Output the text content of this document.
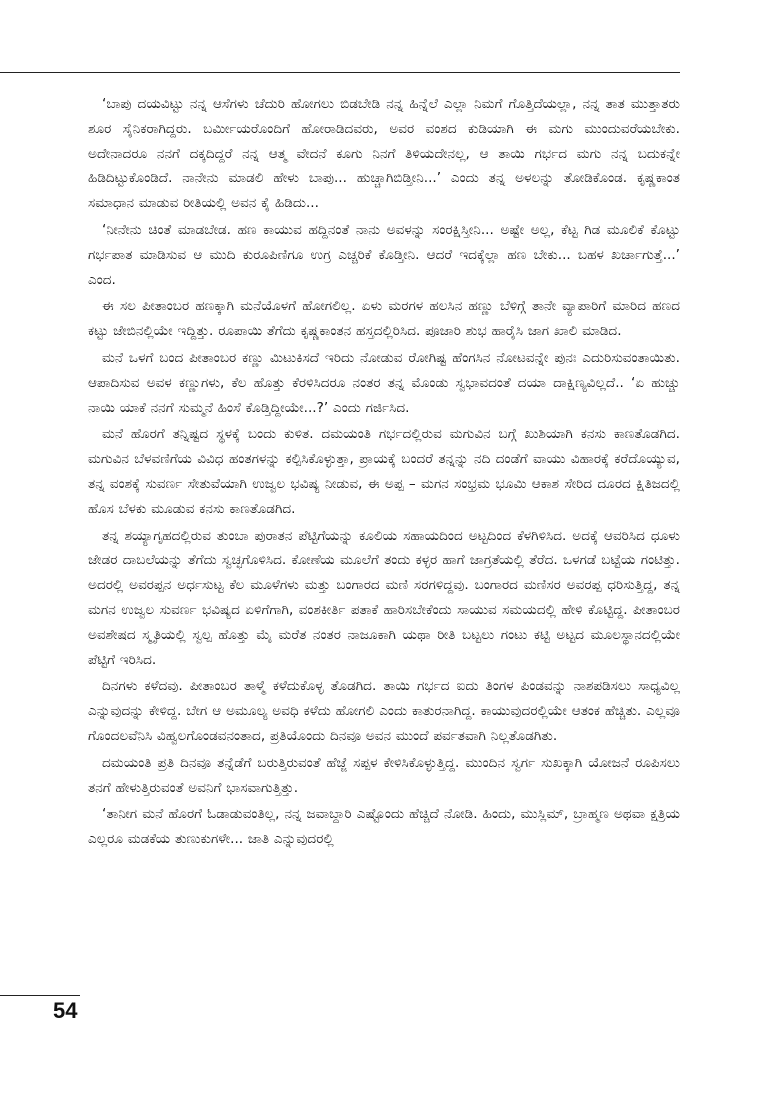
‘ಬಾಪು ದಯವಿಟ್ಟು ನನ್ನ ಆಸೆಗಳು ಚೆದುರಿ ಹೋಗಲು ಬಿಡಬೇಡಿ ನನ್ನ ಹಿನ್ನೆಲೆ ಎಲ್ಲಾ ನಿಮಗೆ ಗೊತ್ತಿದೆಯಲ್ಲಾ, ನನ್ನ ತಾತ ಮುತ್ತಾತರು ಶೂರ ಸೈನಿಕರಾಗಿದ್ದರು. ಬರ್ಮೀಯರೊಂದಿಗೆ ಹೋರಾಡಿದವರು, ಅವರ ವಂಶದ ಕುಡಿಯಾಗಿ ಈ ಮಗು ಮುಂದುವರೆಯಬೇಕು. ಅದೇನಾದರೂ ನನಗೆ ದಕ್ಕದಿದ್ದರೆ ನನ್ನ ಆತ್ಮ ವೇದನೆ ಕೂಗು ನಿನಗೆ ತಿಳಿಯದೇನಲ್ಲ, ಆ ತಾಯಿ ಗರ್ಭದ ಮಗು ನನ್ನ ಬದುಕನ್ನೇ ಹಿಡಿದಿಟ್ಟುಕೊಂಡಿದೆ. ನಾನೇನು ಮಾಡಲಿ ಹೇಳು ಬಾಪು... ಹುಚ್ಚಾಗಿಬಿಡ್ತೀನಿ...’ ಎಂದು ತನ್ನ ಅಳಲನ್ನು ತೋಡಿಕೊಂಡ. ಕೃಷ್ಣಕಾಂತ ಸಮಾಧಾನ ಮಾಡುವ ರೀತಿಯಲ್ಲಿ ಅವನ ಕೈ ಹಿಡಿದು...

‘ನೀನೇನು ಚಿಂತೆ ಮಾಡಬೇಡ. ಹಣ ಕಾಯುವ ಹದ್ದಿನಂತೆ ನಾನು ಅವಳನ್ನು ಸಂರಕ್ಷಿಸ್ತೀನಿ... ಅಷ್ಟೇ ಅಲ್ಲ, ಕೆಟ್ಟ ಗಿಡ ಮೂಲಿಕೆ ಕೊಟ್ಟು ಗರ್ಭಪಾತ ಮಾಡಿಸುವ ಆ ಮುದಿ ಕುರೂಪಿಣಿಗೂ ಉಗ್ರ ಎಚ್ಚರಿಕೆ ಕೊಡ್ತೀನಿ. ಆದರೆ ಇದಕ್ಕೆಲ್ಲಾ ಹಣ ಬೇಕು... ಬಹಳ ಖರ್ಚಾಗುತ್ತೆ...’ ಎಂದ.

ಈ ಸಲ ಪೀತಾಂಬರ ಹಣಕ್ಕಾಗಿ ಮನೆಯೊಳಗೆ ಹೋಗಲಿಲ್ಲ. ಏಳು ಮರಗಳ ಹಲಸಿನ ಹಣ್ಣು ಬೆಳಿಗ್ಗೆ ತಾನೇ ವ್ಯಾಪಾರಿಗೆ ಮಾರಿದ ಹಣದ ಕಟ್ಟು ಜೇಬಿನಲ್ಲಿಯೇ ಇದ್ದಿತ್ತು. ರೂಪಾಯಿ ತೆಗೆದು ಕೃಷ್ಣಕಾಂತನ ಹಸ್ತದಲ್ಲಿರಿಸಿದ. ಪೂಜಾರಿ ಶುಭ ಹಾರೈಸಿ ಜಾಗ ಖಾಲಿ ಮಾಡಿದ.

ಮನೆ ಒಳಗೆ ಬಂದ ಪೀತಾಂಬರ ಕಣ್ಣು ಮಿಟುಕಿಸದೆ ಇರಿದು ನೋಡುವ ರೋಗಿಷ್ಟ ಹೆಂಗಸಿನ ನೋಟವನ್ನೇ ಪುನಃ ಎದುರಿಸುವಂತಾಯಿತು. ಆಪಾದಿಸುವ ಅವಳ ಕಣ್ಣುಗಳು, ಕೆಲ ಹೊತ್ತು ಕೆರಳಿಸಿದರೂ ನಂತರ ತನ್ನ ಮೊಂಡು ಸ್ವಭಾವದಂತೆ ದಯಾ ದಾಕ್ಷಿಣ್ಯವಿಲ್ಲದೆ.. ‘ಏ ಹುಚ್ಚು ನಾಯಿ ಯಾಕೆ ನನಗೆ ಸುಮ್ಮನೆ ಹಿಂಸೆ ಕೊಡ್ತಿದ್ದೀಯೇ...?’ ಎಂದು ಗರ್ಜಿಸಿದ.

ಮನೆ ಹೊರಗೆ ತನ್ನಿಷ್ಟದ ಸ್ಥಳಕ್ಕೆ ಬಂದು ಕುಳಿತ. ದಮಯಂತಿ ಗರ್ಭದಲ್ಲಿರುವ ಮಗುವಿನ ಬಗ್ಗೆ ಖುಶಿಯಾಗಿ ಕನಸು ಕಾಣತೊಡಗಿದ. ಮಗುವಿನ ಬೆಳವಣಿಗೆಯ ವಿವಿಧ ಹಂತಗಳನ್ನು ಕಲ್ಪಿಸಿಕೊಳ್ಳುತ್ತಾ, ಪ್ರಾಯಕ್ಕೆ ಬಂದರೆ ತನ್ನನ್ನು ನದಿ ದಂಡೆಗೆ ವಾಯು ವಿಹಾರಕ್ಕೆ ಕರೆದೊಯ್ಯುವ, ತನ್ನ ವಂಶಕ್ಕೆ ಸುವರ್ಣ ಸೇತುವೆಯಾಗಿ ಉಜ್ವಲ ಭವಿಷ್ಯ ನೀಡುವ, ಈ ಅಪ್ಪ – ಮಗನ ಸಂಭ್ರಮ ಭೂಮಿ ಆಕಾಶ ಸೇರಿದ ದೂರದ ಕ್ಷಿತಿಜದಲ್ಲಿ ಹೊಸ ಬೆಳಕು ಮೂಡುವ ಕನಸು ಕಾಣತೊಡಗಿದ.

ತನ್ನ ಶಯ್ಯಾಗೃಹದಲ್ಲಿರುವ ತುಂಬಾ ಪುರಾತನ ಪೆಟ್ಟಿಗೆಯನ್ನು ಕೂಲಿಯ ಸಹಾಯದಿಂದ ಅಟ್ಟದಿಂದ ಕೆಳಗಿಳಿಸಿದ. ಅದಕ್ಕೆ ಆವರಿಸಿದ ಧೂಳು ಜೇಡರ ದಾಬಲೆಯನ್ನು ತೆಗೆದು ಸ್ವಚ್ಛಗೊಳಿಸಿದ. ಕೋಣೆಯ ಮೂಲೆಗೆ ತಂದು ಕಳ್ಳರ ಹಾಗೆ ಜಾಗ್ರತೆಯಲ್ಲಿ ತೆರೆದ. ಒಳಗಡೆ ಬಟ್ಟೆಯ ಗಂಟಿತ್ತು. ಅದರಲ್ಲಿ ಅವರಪ್ಪನ ಅರ್ಧಸುಟ್ಟ ಕೆಲ ಮೂಳೆಗಳು ಮತ್ತು ಬಂಗಾರದ ಮಣಿ ಸರಗಳಿದ್ದವು. ಬಂಗಾರದ ಮಣಿಸರ ಅವರಪ್ಪ ಧರಿಸುತ್ತಿದ್ದ, ತನ್ನ ಮಗನ ಉಜ್ವಲ ಸುವರ್ಣ ಭವಿಷ್ಯದ ಏಳಿಗೆಗಾಗಿ, ವಂಶಕೀರ್ತಿ ಪತಾಕೆ ಹಾರಿಸಬೇಕೆಂದು ಸಾಯುವ ಸಮಯದಲ್ಲಿ ಹೇಳಿ ಕೊಟ್ಟಿದ್ದ. ಪೀತಾಂಬರ ಅವಶೇಷದ ಸ್ಮೃತಿಯಲ್ಲಿ ಸ್ವಲ್ಪ ಹೊತ್ತು ಮೈ ಮರೆತ ನಂತರ ನಾಜೂಕಾಗಿ ಯಥಾ ರೀತಿ ಬಟ್ಟಲು ಗಂಟು ಕಟ್ಟಿ ಅಟ್ಟದ ಮೂಲಸ್ಥಾನದಲ್ಲಿಯೇ ಪೆಟ್ಟಿಗೆ ಇರಿಸಿದ.

ದಿನಗಳು ಕಳೆದವು. ಪೀತಾಂಬರ ತಾಳ್ಮೆ ಕಳೆದುಕೊಳ್ಳ ತೊಡಗಿದ. ತಾಯಿ ಗರ್ಭದ ಐದು ತಿಂಗಳ ಪಿಂಡವನ್ನು ನಾಶಪಡಿಸಲು ಸಾಧ್ಯವಿಲ್ಲ ಎನ್ನುವುದನ್ನು ಕೇಳಿದ್ದ. ಬೇಗ ಆ ಅಮೂಲ್ಯ ಅವಧಿ ಕಳೆದು ಹೋಗಲಿ ಎಂದು ಕಾತುರನಾಗಿದ್ದ. ಕಾಯುವುದರಲ್ಲಿಯೇ ಆತಂಕ ಹೆಚ್ಚಿತು. ಎಲ್ಲವೂ ಗೊಂದಲವೆನಿಸಿ ವಿಹ್ವಲಗೊಂಡವನಂತಾದ, ಪ್ರತಿಯೊಂದು ದಿನವೂ ಅವನ ಮುಂದೆ ಪರ್ವತವಾಗಿ ನಿಲ್ಲತೊಡಗಿತು.

ದಮಯಂತಿ ಪ್ರತಿ ದಿನವೂ ತನ್ನೆಡೆಗೆ ಬರುತ್ತಿರುವಂತೆ ಹೆಜ್ಜೆ ಸಪ್ಪಳ ಕೇಳಿಸಿಕೊಳ್ಳುತ್ತಿದ್ದ. ಮುಂದಿನ ಸ್ವರ್ಗ ಸುಖಕ್ಕಾಗಿ ಯೋಜನೆ ರೂಪಿಸಲು ತನಗೆ ಹೇಳುತ್ತಿರುವಂತೆ ಅವನಿಗೆ ಭಾಸವಾಗುತ್ತಿತ್ತು.

‘ತಾನೀಗ ಮನೆ ಹೊರಗೆ ಓಡಾಡುವಂತಿಲ್ಲ, ನನ್ನ ಜವಾಬ್ದಾರಿ ಎಷ್ಟೊಂದು ಹೆಚ್ಚಿದೆ ನೋಡಿ. ಹಿಂದು, ಮುಸ್ಲಿಮ್, ಬ್ರಾಹ್ಮಣ ಅಥವಾ ಕ್ಷತ್ರಿಯ ಎಲ್ಲರೂ ಮಡಕೆಯ ತುಣುಕುಗಳೇ... ಜಾತಿ ಎನ್ನುವುದರಲ್ಲಿ

54
